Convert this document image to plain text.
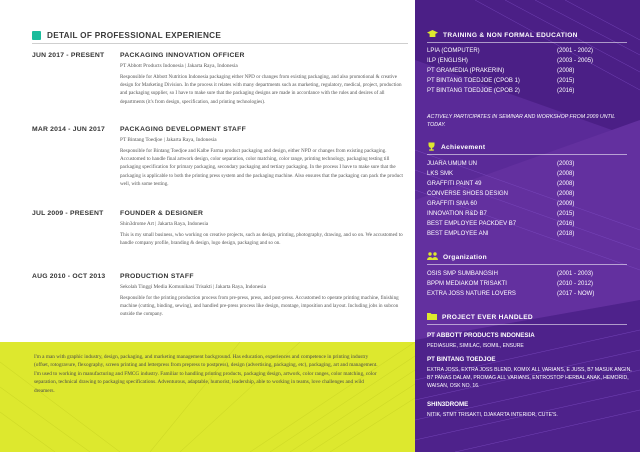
DETAIL OF PROFESSIONAL EXPERIENCE
JUN 2017 - PRESENT PACKAGING INNOVATION OFFICER
PT Abbott Products Indonesia | Jakarta Raya, Indonesia
Responsible for Abbott Nutrition Indonesia packaging either NPD or changes from existing packaging, and also promotional & creative design for Marketing Division. In the process it relates with many departments such as marketing, regulatory, medical, project, production and packaging supplier, so I have to make sure that the packaging designs are made in accordance with the rules and desires of all departments (it's from design, specification, and printing technologies).
MAR 2014 - JUN 2017 PACKAGING DEVELOPMENT STAFF
PT Bintang Toedjoe | Jakarta Raya, Indonesia
Responsible for Bintang Toedjoe and Kalbe Farma product packaging and design, either NPD or changes from existing packaging. Accustomed to handle final artwork design, color separation, color matching, color range, printing technology, packaging testing till packaging specification for primary packaging, secondary packaging and tertiary packaging. In the process I have to make sure that the packaging is applicable to both the printing press system and the packaging machine. Also ensures that the packaging can pack the product well, with some testing.
JUL 2009 - PRESENT FOUNDER & DESIGNER
Shin3drome Art | Jakarta Raya, Indonesia
This is my small business, who working on creative projects, such as design, printing, photography, drawing, and so on. We accustomed to handle company profile, branding & design, logo design, packaging and so on.
AUG 2010 - OCT 2013 PRODUCTION STAFF
Sekolah Tinggi Media Komunikasi Trisakti | Jakarta Raya, Indonesia
Responsible for the printing production process from pre-press, press, and post-press. Accustomed to operate printing machine, finishing machine (cutting, binding, sewing), and handled pre-press process like design, montage, imposition and layout. Including jobs in subcon outside the company.
I'm a man with graphic industry, design, packaging, and marketing management background. Has education, experiences and competence in printing industry (offset, rotogravure, flexography, screen printing and letterpress from prepress to postpress), design (advertising, packaging, etc), packaging, art and management. I'm used to working in manufacturing and FMCG industry. Familiar to handling printing products, packaging design, artwork, color ranges, color matching, color separation, technical drawing to packaging specifications. Adventurous, adaptable, humorist, leadership, able to working in teams, love challenges and wild dreamers.
TRAINING & NON FORMAL EDUCATION
LPIA (COMPUTER)	(2001 - 2002)
ILP (ENGLISH)	(2003 - 2005)
PT GRAMEDIA (PRAKERIN)	(2008)
PT BINTANG TOEDJOE (CPOB 1)	(2015)
PT BINTANG TOEDJOE (CPOB 2)	(2016)
ACTIVELY PARTICIPATES IN SEMINAR AND WORKSHOP FROM 2009 UNTIL TODAY.
Achievement
JUARA UMUM UN	(2003)
LKS SMK	(2008)
GRAFFITI PAINT 49	(2008)
CONVERSE SHOES DESIGN	(2008)
GRAFFITI SMA 60	(2009)
INNOVATION R&D B7	(2015)
BEST EMPLOYEE PACKDEV B7	(2016)
BEST EMPLOYEE ANI	(2018)
Organization
OSIS SMP SUMBANGSIH	(2001 - 2003)
BPPM MEDIAKOM TRISAKTI	(2010 - 2012)
EXTRA JOSS NATURE LOVERS	(2017 - NOW)
PROJECT EVER HANDLED
PT ABBOTT PRODUCTS INDONESIA
PEDIASURE, SIMILAC, ISOMIL, ENSURE
PT BINTANG TOEDJOE
EXTRA JOSS, EXTRA JOSS BLEND, KOMIX ALL VARIANS, E JUSS, B7 MASUK ANGIN, B7 PANAS DALAM, PROMAG ALL VARIANS, ENTROSTOP HERBAL ANAK, HEMORID, WAISAN, OSK NO. 16.
SHIN3DROME
NITIK, STMT TRISAKTI, DJAKARTA INTERIOR, CUTE'S.
